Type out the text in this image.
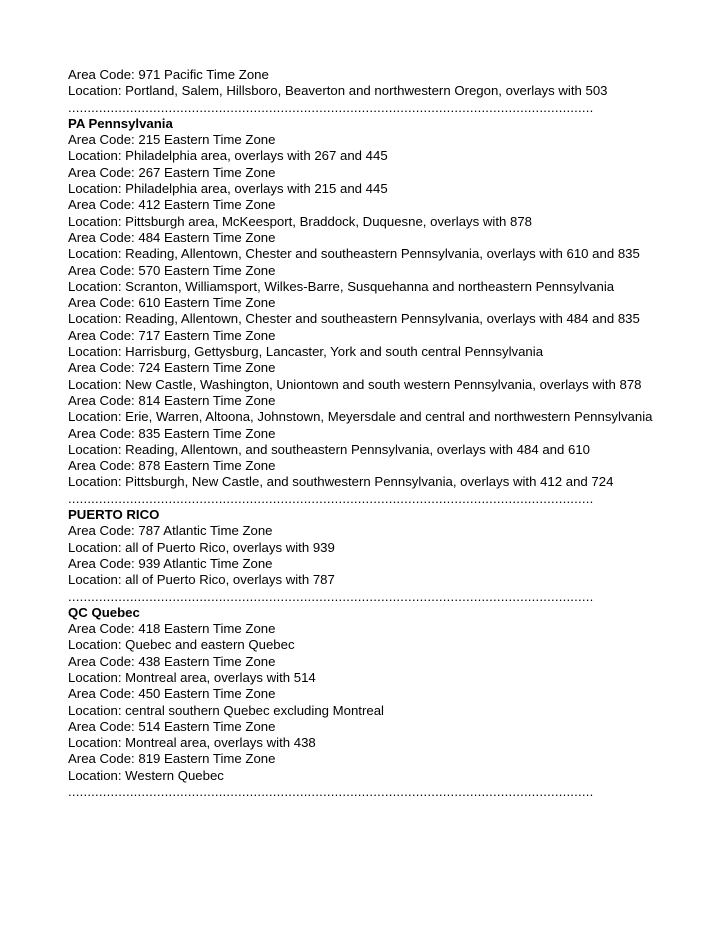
Area Code: 971 Pacific Time Zone
Location: Portland, Salem, Hillsboro, Beaverton and northwestern Oregon, overlays with 503
........................................................................................................................................
PA Pennsylvania
Area Code: 215 Eastern Time Zone
Location: Philadelphia area, overlays with 267 and 445
Area Code: 267 Eastern Time Zone
Location: Philadelphia area, overlays with 215 and 445
Area Code: 412 Eastern Time Zone
Location: Pittsburgh area, McKeesport, Braddock, Duquesne, overlays with 878
Area Code: 484 Eastern Time Zone
Location: Reading, Allentown, Chester and southeastern Pennsylvania, overlays with 610 and 835
Area Code: 570 Eastern Time Zone
Location: Scranton, Williamsport, Wilkes-Barre, Susquehanna and northeastern Pennsylvania
Area Code: 610 Eastern Time Zone
Location: Reading, Allentown, Chester and southeastern Pennsylvania, overlays with 484 and 835
Area Code: 717 Eastern Time Zone
Location: Harrisburg, Gettysburg, Lancaster, York and south central Pennsylvania
Area Code: 724 Eastern Time Zone
Location: New Castle, Washington, Uniontown and south western Pennsylvania, overlays with 878
Area Code: 814 Eastern Time Zone
Location: Erie, Warren, Altoona, Johnstown, Meyersdale and central and northwestern Pennsylvania
Area Code: 835 Eastern Time Zone
Location: Reading, Allentown, and southeastern Pennsylvania, overlays with 484 and 610
Area Code: 878 Eastern Time Zone
Location: Pittsburgh, New Castle, and southwestern Pennsylvania, overlays with 412 and 724
........................................................................................................................................
PUERTO RICO
Area Code: 787 Atlantic Time Zone
Location: all of Puerto Rico, overlays with 939
Area Code: 939 Atlantic Time Zone
Location: all of Puerto Rico, overlays with 787
........................................................................................................................................
QC Quebec
Area Code: 418 Eastern Time Zone
Location: Quebec and eastern Quebec
Area Code: 438 Eastern Time Zone
Location: Montreal area, overlays with 514
Area Code: 450 Eastern Time Zone
Location: central southern Quebec excluding Montreal
Area Code: 514 Eastern Time Zone
Location: Montreal area, overlays with 438
Area Code: 819 Eastern Time Zone
Location: Western Quebec
........................................................................................................................................
